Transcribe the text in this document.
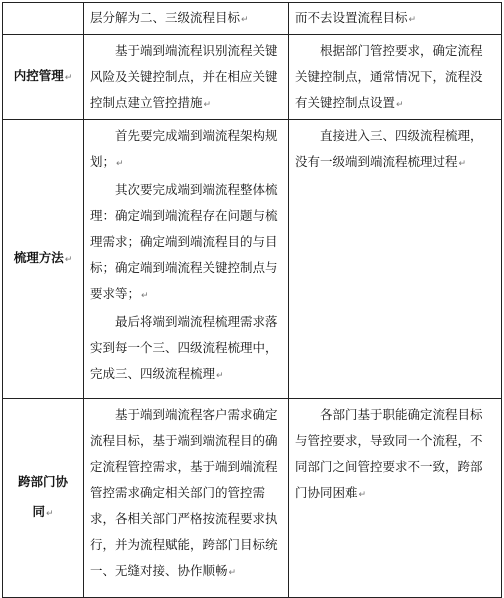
	层分解为二、三级流程目标↵	而不去设置流程目标↵

内控管理↵	基于端到端流程识别流程关键风险及关键控制点，并在相应关键控制点建立管控措施↵	根据部门管控要求，确定流程关键控制点，通常情况下，流程没有关键控制点设置↵

梳理方法↵	首先要完成端到端流程架构规划；↵
其次要完成端到端流程整体梳理：确定端到端流程存在问题与梳理需求；确定端到端流程目的与目标；确定端到端流程关键控制点与要求等；↵
最后将端到端流程梳理需求落实到每一个三、四级流程梳理中，完成三、四级流程梳理↵	直接进入三、四级流程梳理，没有一级端到端流程梳理过程↵

跨部门协同↵	基于端到端流程客户需求确定流程目标，基于端到端流程目的确定流程管控需求，基于端到端流程管控需求确定相关部门的管控需求，各相关部门严格按流程要求执行，并为流程赋能，跨部门目标统一、无缝对接、协作顺畅↵	各部门基于职能确定流程目标与管控要求，导致同一个流程，不同部门之间管控要求不一致，跨部门协同困难↵
